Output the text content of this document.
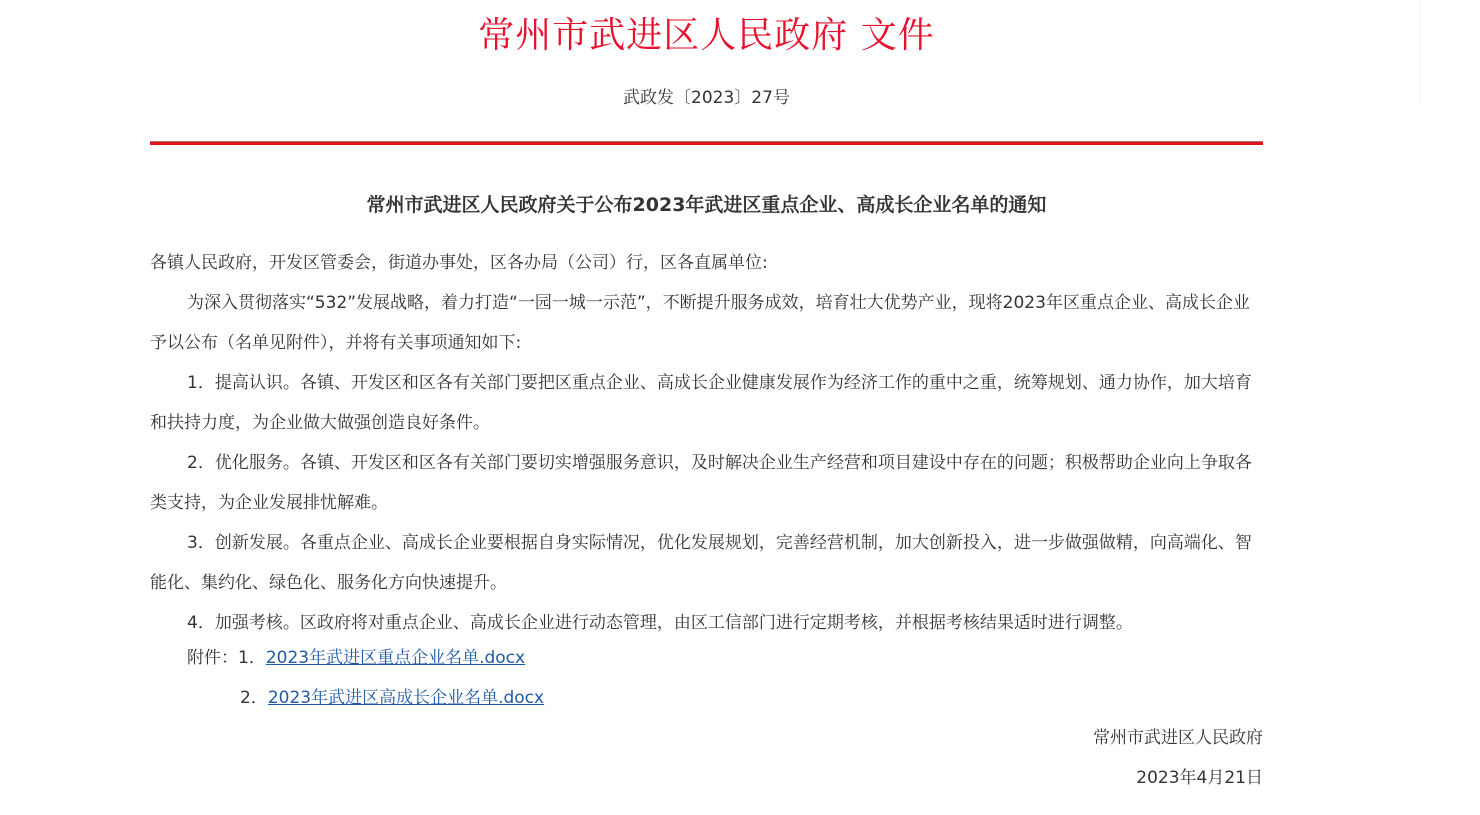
常州市武进区人民政府 文件
武政发〔2023〕27号
常州市武进区人民政府关于公布2023年武进区重点企业、高成长企业名单的通知

各镇人民政府，开发区管委会，街道办事处，区各办局（公司）行，区各直属单位:

为深入贯彻落实“532”发展战略，着力打造“一园一城一示范”，不断提升服务成效，培育壮大优势产业，现将2023年区重点企业、高成长企业予以公布（名单见附件），并将有关事项通知如下:

1．提高认识。各镇、开发区和区各有关部门要把区重点企业、高成长企业健康发展作为经济工作的重中之重，统筹规划、通力协作，加大培育和扶持力度，为企业做大做强创造良好条件。

2．优化服务。各镇、开发区和区各有关部门要切实增强服务意识，及时解决企业生产经营和项目建设中存在的问题；积极帮助企业向上争取各类支持，为企业发展排忧解难。

3．创新发展。各重点企业、高成长企业要根据自身实际情况，优化发展规划，完善经营机制，加大创新投入，进一步做强做精，向高端化、智能化、集约化、绿色化、服务化方向快速提升。

4．加强考核。区政府将对重点企业、高成长企业进行动态管理，由区工信部门进行定期考核，并根据考核结果适时进行调整。

附件：1．2023年武进区重点企业名单.docx
2．2023年武进区高成长企业名单.docx
常州市武进区人民政府
2023年4月21日
